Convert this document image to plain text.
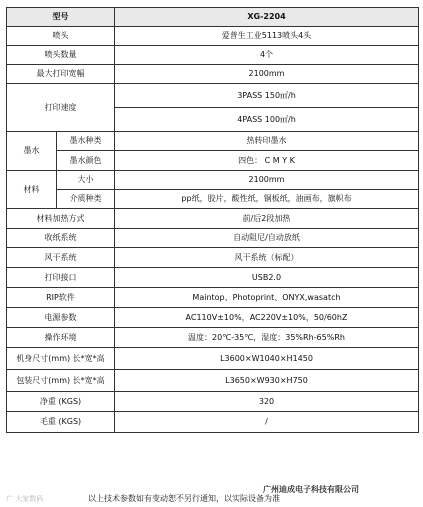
型号		XG-2204
喷头		爱普生工业5113喷头4头
喷头数量		4个
最大打印宽幅		2100mm
打印速度		3PASS 150㎡/h
		4PASS 100㎡/h
墨水	墨水种类	热转印墨水
	墨水颜色	四色： C M Y K
材料	大小	2100mm
	介质种类	pp纸，胶片，酸性纸，铜板纸，油画布，旗帜布
材料加热方式		前/后2段加热
收纸系统		自动阻尼/自动放纸
风干系统		风干系统（标配）
打印接口		USB2.0
RIP软件		Maintop、Photoprint、ONYX,wasatch
电源参数		AC110V±10%，AC220V±10%，50/60hZ
操作环境		温度：20℃-35℃，湿度：35%Rh-65%Rh
机身尺寸(mm) 长*宽*高		L3600×W1040×H1450
包装尺寸(mm) 长*宽*高		L3650×W930×H750
净重 (KGS)		320
毛重 (KGS)		/
广 大家数码	以上技术参数如有变动恕不另行通知，以实际设备为准
广州迪成电子科技有限公司
